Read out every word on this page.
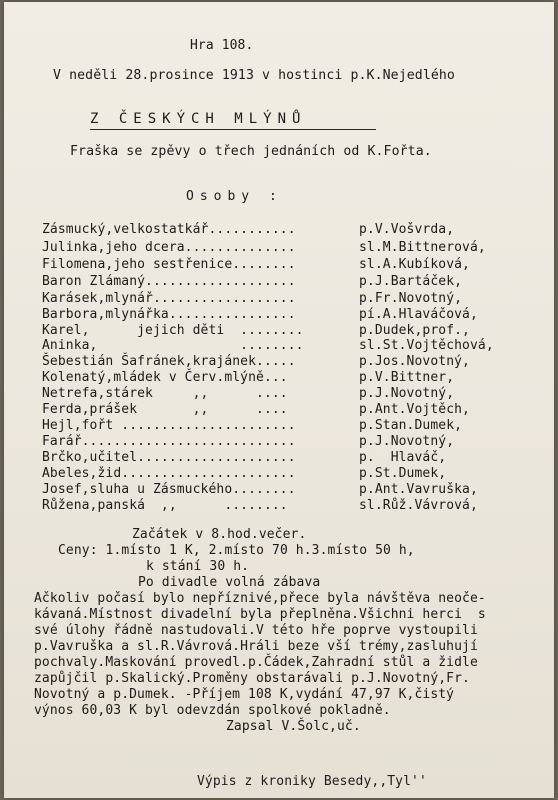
Hra 108.
V neděli 28.prosince 1913 v hostinci p.K.Nejedlého
Z ČESKÝCH MLÝNŮ
Fraška se zpěvy o třech jednáních od K.Fořta.
Osoby :
Zásmucký,velkostatkář...........	p.V.Vošvrda,
Julinka,jeho dcera..............	sl.M.Bittnerová,
Filomena,jeho sestřenice........	sl.A.Kubíková,
Baron Zlámaný...................	p.J.Bartáček,
Karásek,mlynář..................	p.Fr.Novotný,
Barbora,mlynářka................	pí.A.Hlaváčová,
Karel,      jejich děti  ........	p.Dudek,prof.,
Aninka,                  ........	sl.St.Vojtěchová,
Šebestián Šafránek,krajánek.....	p.Jos.Novotný,
Kolenatý,mládek v Červ.mlýně...	p.V.Bittner,
Netrefa,stárek     ,,      ....	p.J.Novotný,
Ferda,prášek       ,,      ....	p.Ant.Vojtěch,
Hejl,fořt ......................	p.Stan.Dumek,
Farář...........................	p.J.Novotný,
Brčko,učitel....................	p.  Hlaváč,
Abeles,žid......................	p.St.Dumek,
Josef,sluha u Zásmuckého........	p.Ant.Vavruška,
Růžena,panská  ,,      ........	sl.Růž.Vávrová,
Začátek v 8.hod.večer.
Ceny: 1.místo 1 K, 2.místo 70 h.3.místo 50 h,
k stání 30 h.
Po divadle volná zábava
Ačkoliv počasí bylo nepříznivé,přece byla návštěva neoče-
kávaná.Místnost divadelní byla přeplněna.Všichni herci  s
své úlohy řádně nastudovali.V této hře poprve vystoupili
p.Vavruška a sl.R.Vávrová.Hráli beze vší trémy,zasluhují
pochvaly.Maskování provedl.p.Čádek,Zahradní stůl a židle
zapůjčil p.Skalický.Proměny obstarávali p.J.Novotný,Fr.
Novotný a p.Dumek. -Příjem 108 K,vydání 47,97 K,čistý
výnos 60,03 K byl odevzdán spolkové pokladně.
Zapsal V.Šolc,uč.
Výpis z kroniky Besedy,,Tyl''
